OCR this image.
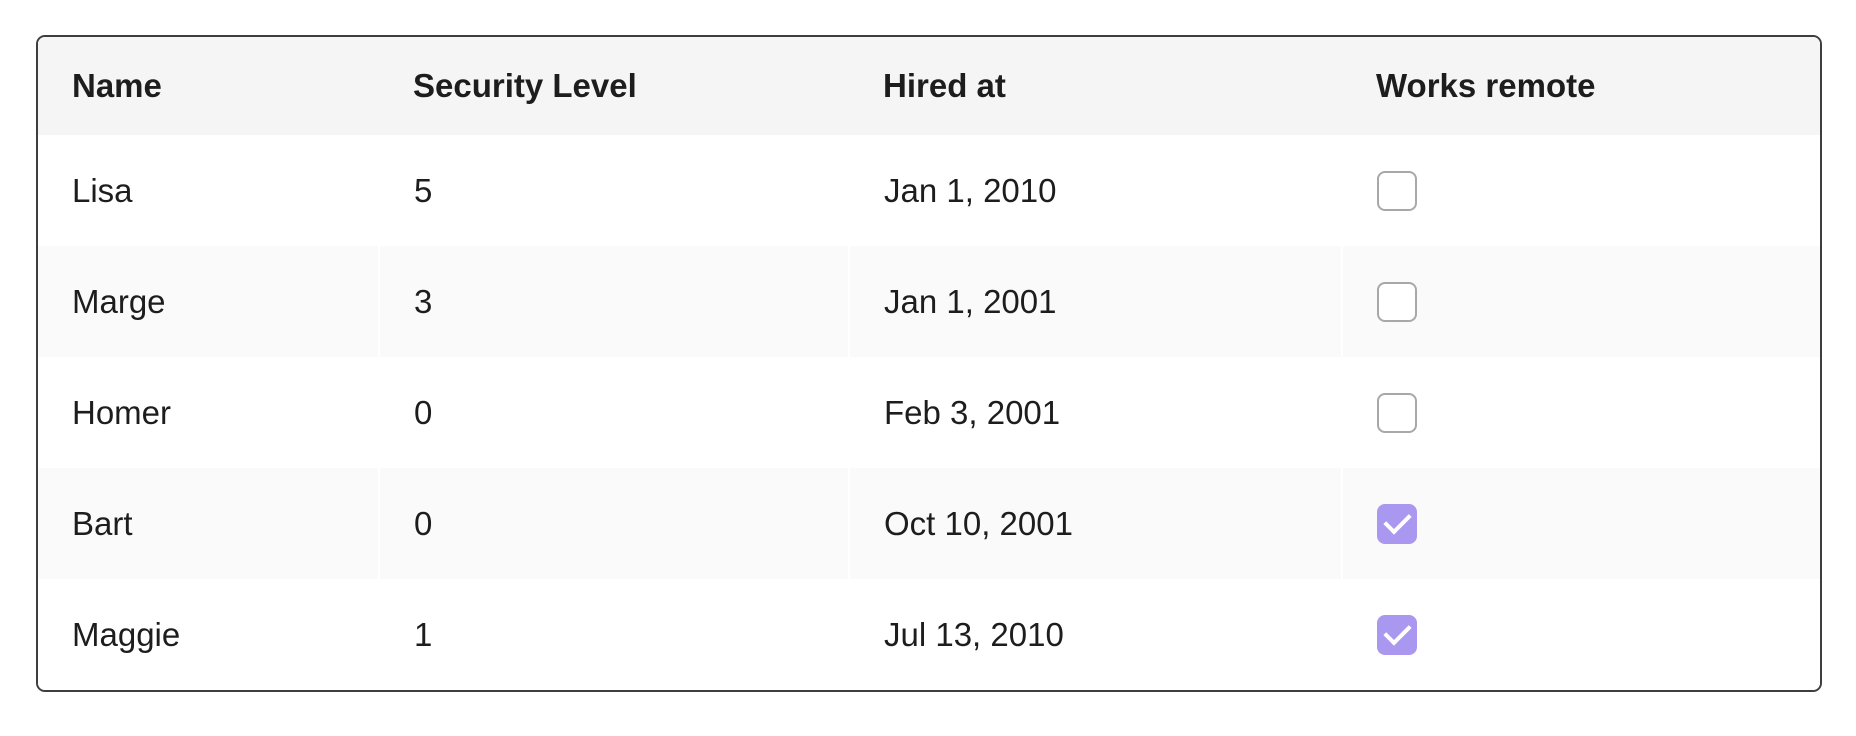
Name	Security Level	Hired at	Works remote
Lisa	5	Jan 1, 2010	

Marge	3	Jan 1, 2001	

Homer	0	Feb 3, 2001	

Bart	0	Oct 10, 2001	

Maggie	1	Jul 13, 2010	
